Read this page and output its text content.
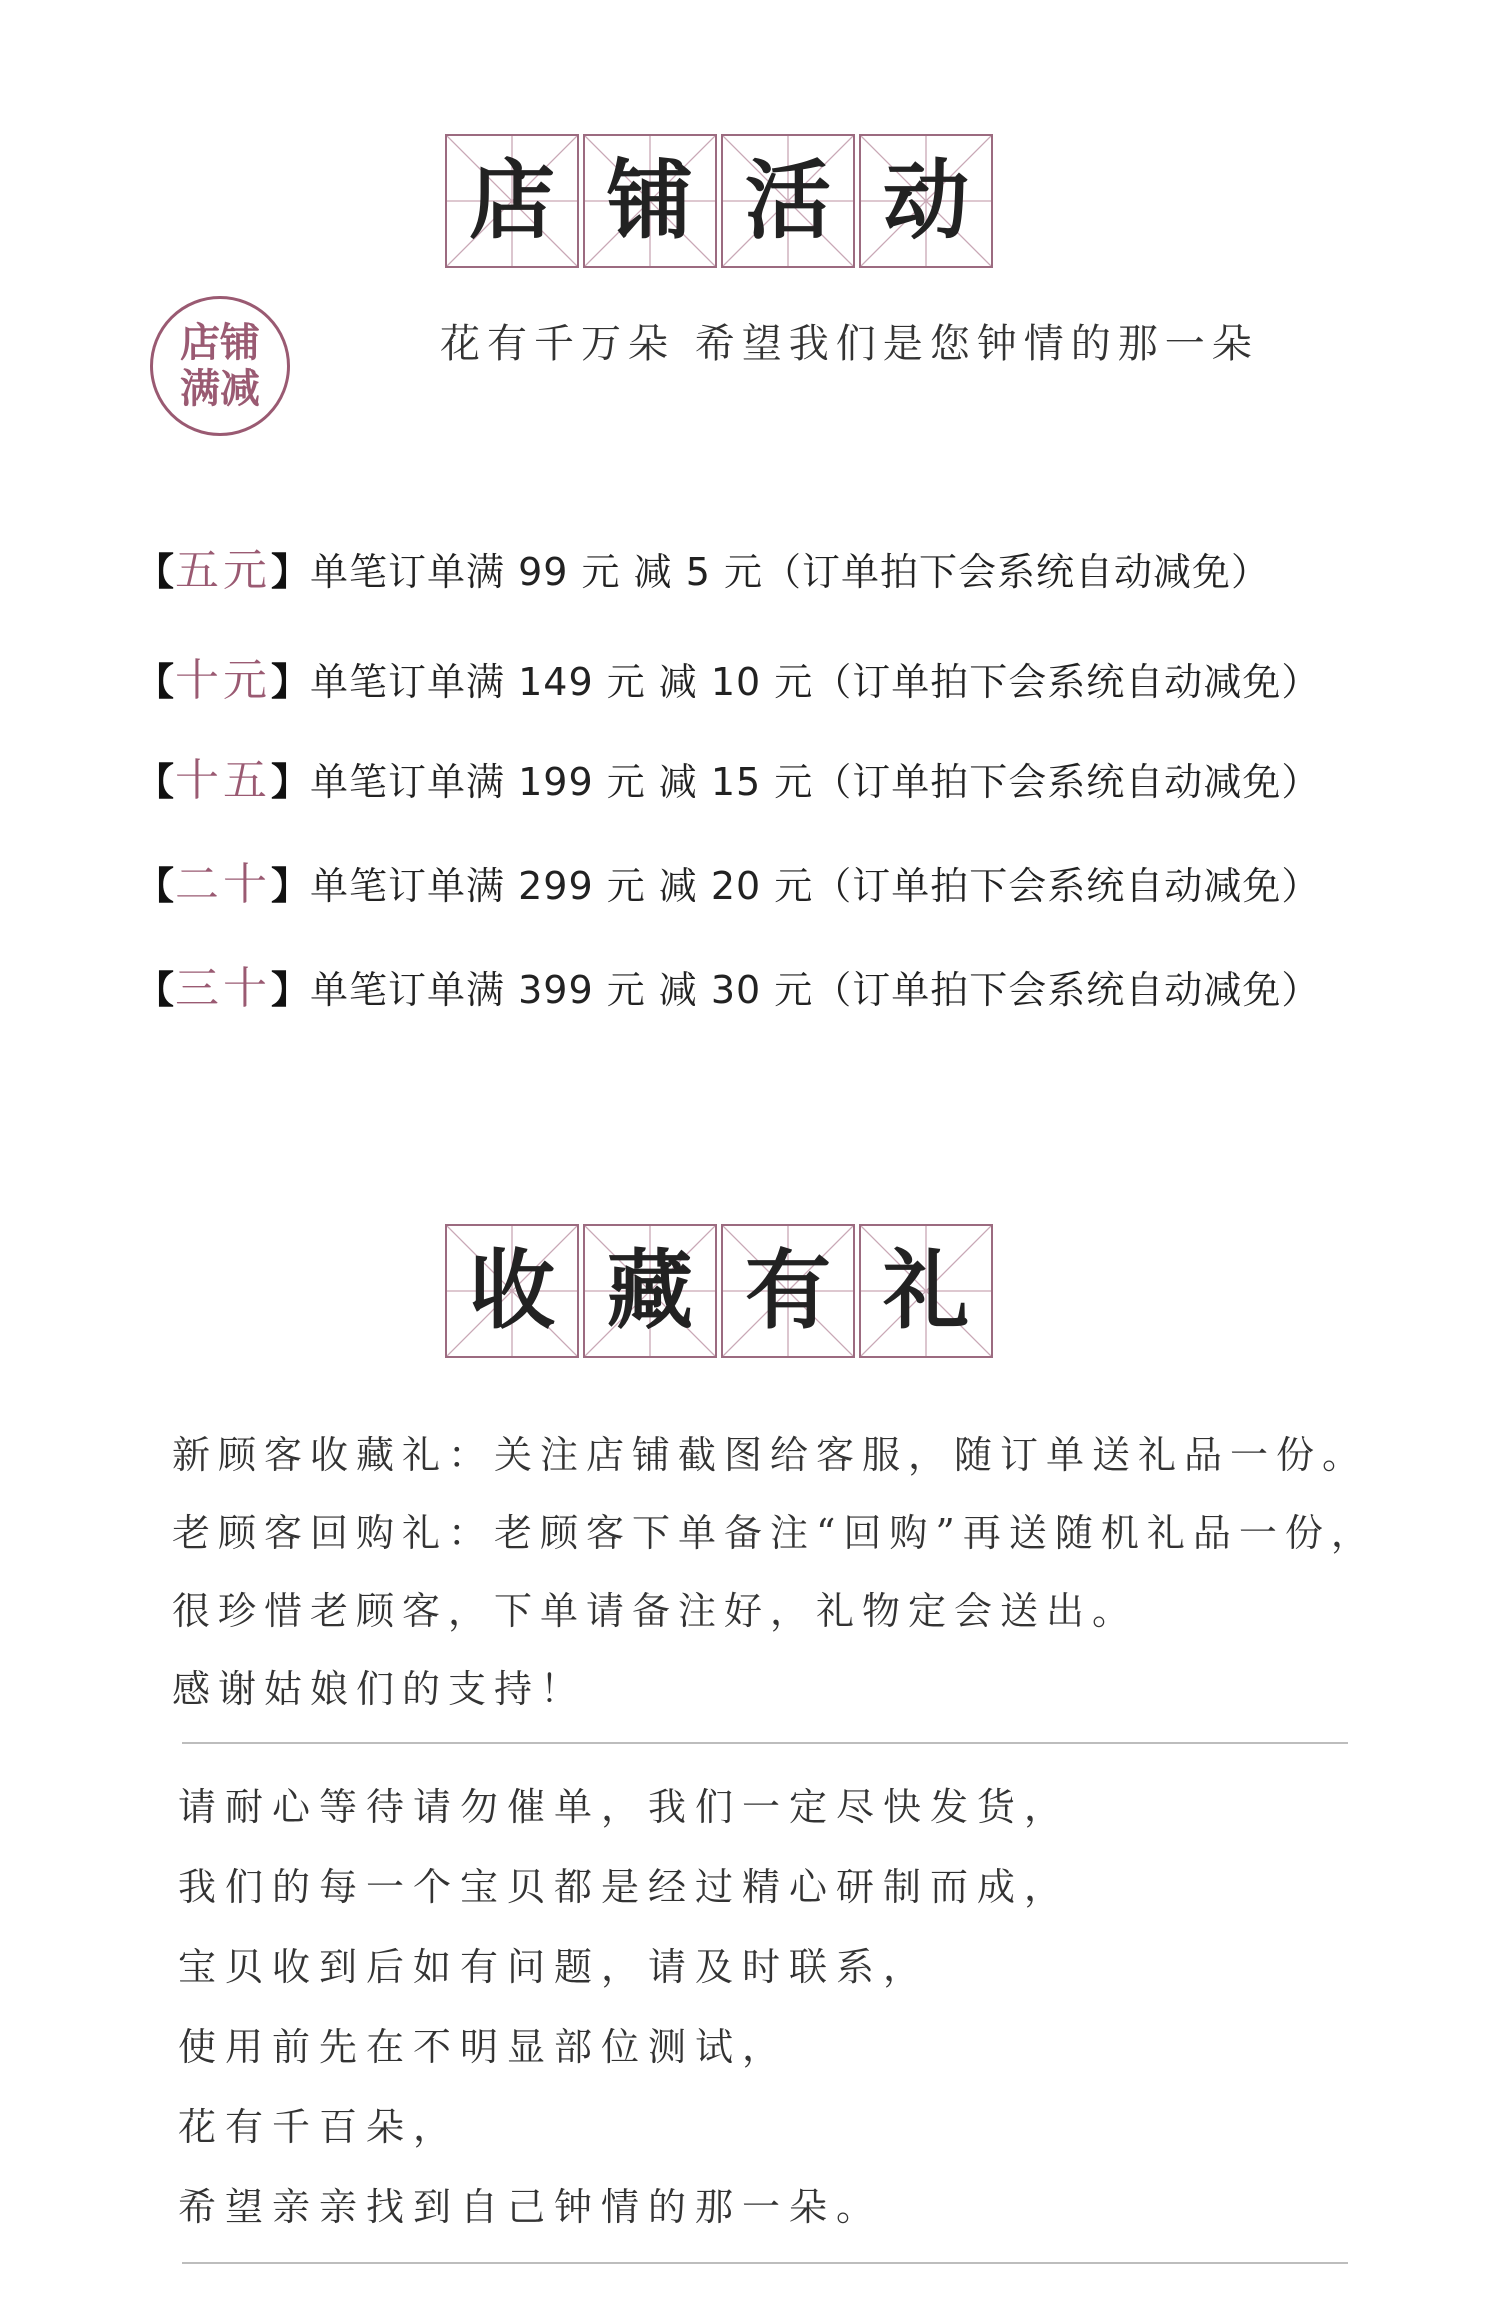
店 铺 活 动
店铺
满减
花有千万朵 希望我们是您钟情的那一朵
【五元】单笔订单满 99 元 减 5 元（订单拍下会系统自动减免）
【十元】单笔订单满 149 元 减 10 元（订单拍下会系统自动减免）
【十五】单笔订单满 199 元 减 15 元（订单拍下会系统自动减免）
【二十】单笔订单满 299 元 减 20 元（订单拍下会系统自动减免）
【三十】单笔订单满 399 元 减 30 元（订单拍下会系统自动减免）
收 藏 有 礼
新顾客收藏礼：关注店铺截图给客服，随订单送礼品一份。
老顾客回购礼：老顾客下单备注“回购”再送随机礼品一份，
很珍惜老顾客，下单请备注好，礼物定会送出。
感谢姑娘们的支持！
请耐心等待请勿催单，我们一定尽快发货，
我们的每一个宝贝都是经过精心研制而成，
宝贝收到后如有问题，请及时联系，
使用前先在不明显部位测试，
花有千百朵，
希望亲亲找到自己钟情的那一朵。
